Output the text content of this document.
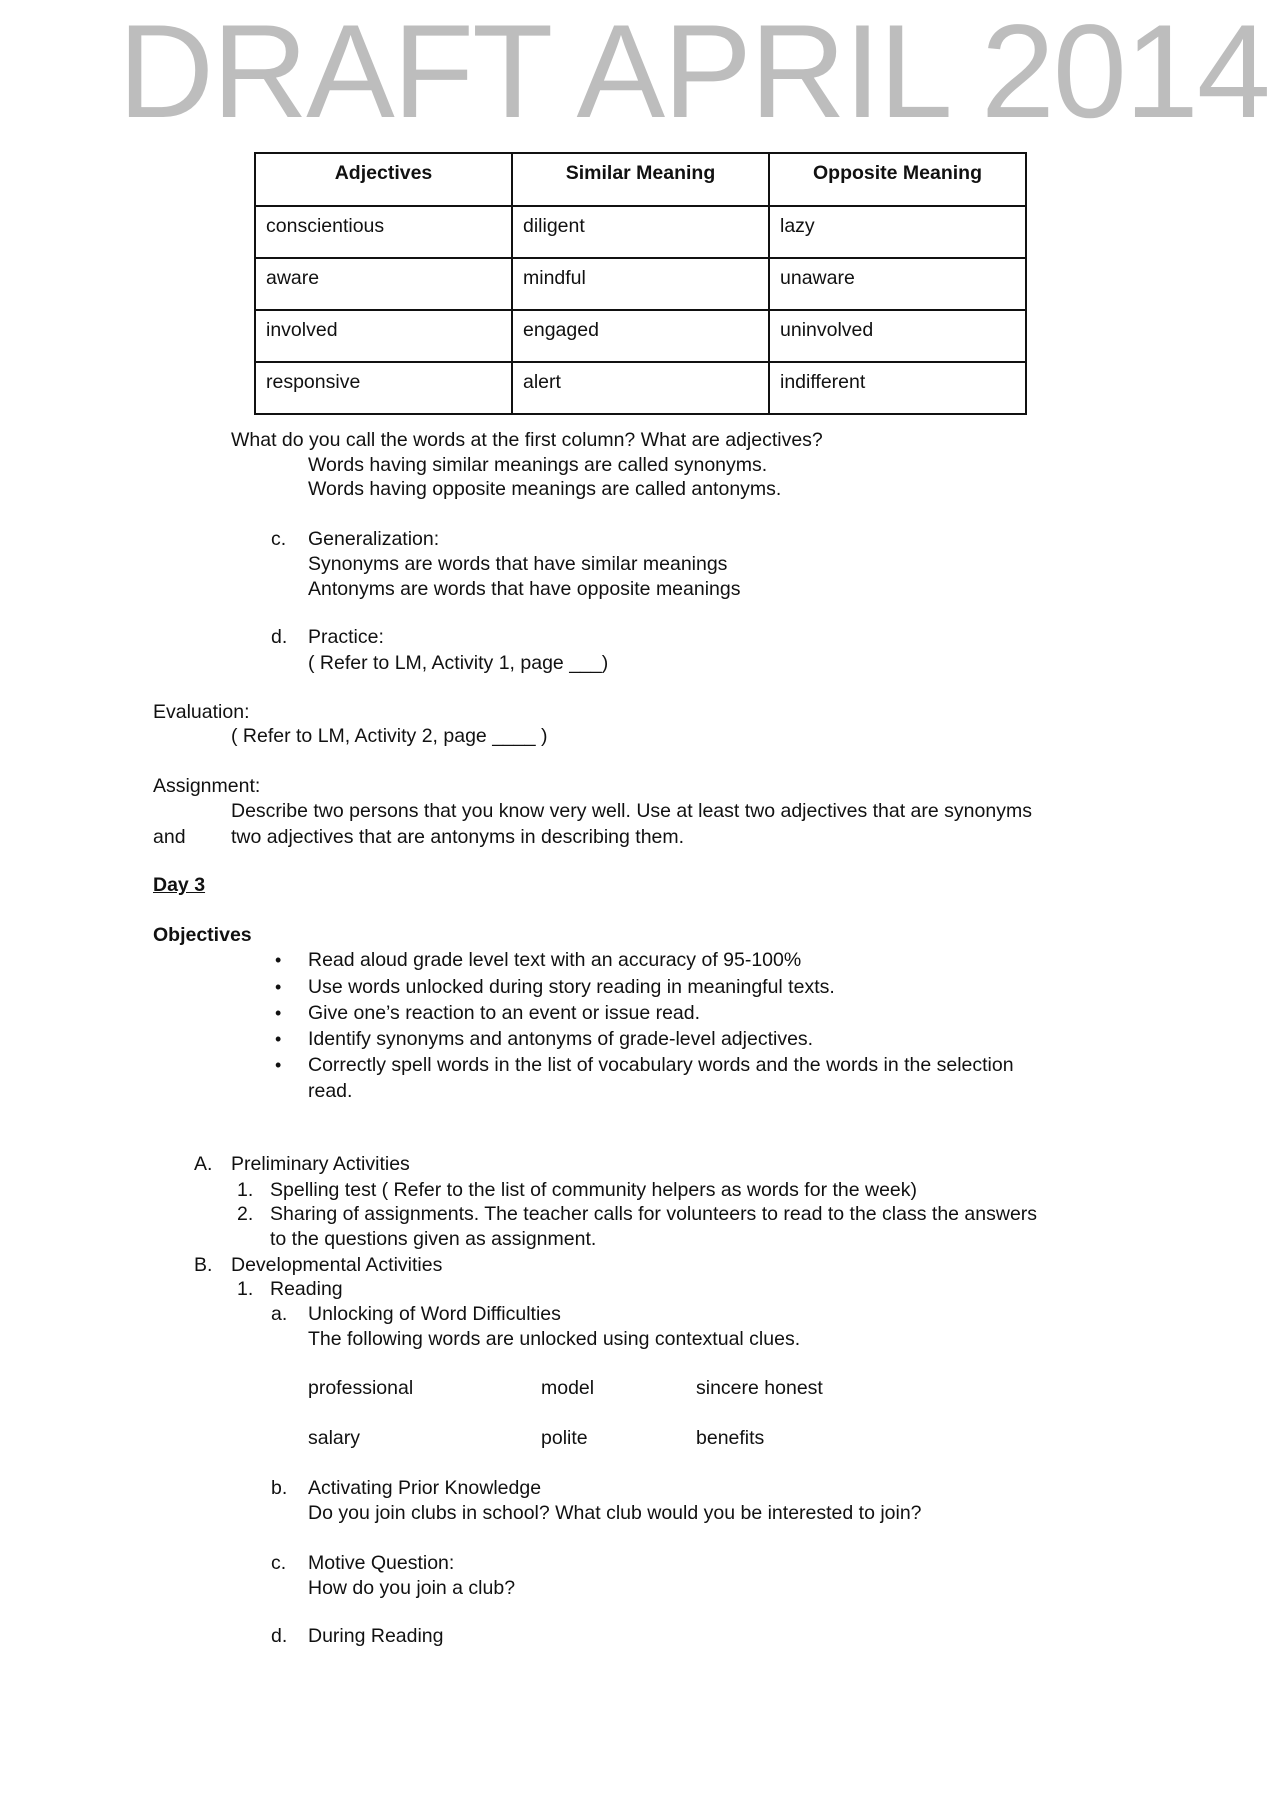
DRAFT APRIL 2014
Adjectives	Similar Meaning	Opposite Meaning
conscientious	diligent	lazy
aware	mindful	unaware
involved	engaged	uninvolved
responsive	alert	indifferent
What do you call the words at the first column? What are adjectives?
Words having similar meanings are called synonyms.
Words having opposite meanings are called antonyms.
c. Generalization:
Synonyms are words that have similar meanings
Antonyms are words that have opposite meanings
d. Practice:
( Refer to LM, Activity 1, page ___)
Evaluation:
( Refer to LM, Activity 2, page ____ )
Assignment:
Describe two persons that you know very well. Use at least two adjectives that are synonyms
and two adjectives that are antonyms in describing them.
Day 3
Objectives
• Read aloud grade level text with an accuracy of 95-100%
• Use words unlocked during story reading in meaningful texts.
• Give one’s reaction to an event or issue read.
• Identify synonyms and antonyms of grade-level adjectives.
• Correctly spell words in the list of vocabulary words and the words in the selection
read.
A. Preliminary Activities
1. Spelling test ( Refer to the list of community helpers as words for the week)
2. Sharing of assignments. The teacher calls for volunteers to read to the class the answers
to the questions given as assignment.
B. Developmental Activities
1. Reading
a. Unlocking of Word Difficulties
The following words are unlocked using contextual clues.
professional	model	sincere honest
salary	polite	benefits
b. Activating Prior Knowledge
Do you join clubs in school? What club would you be interested to join?
c. Motive Question:
How do you join a club?
d. During Reading
